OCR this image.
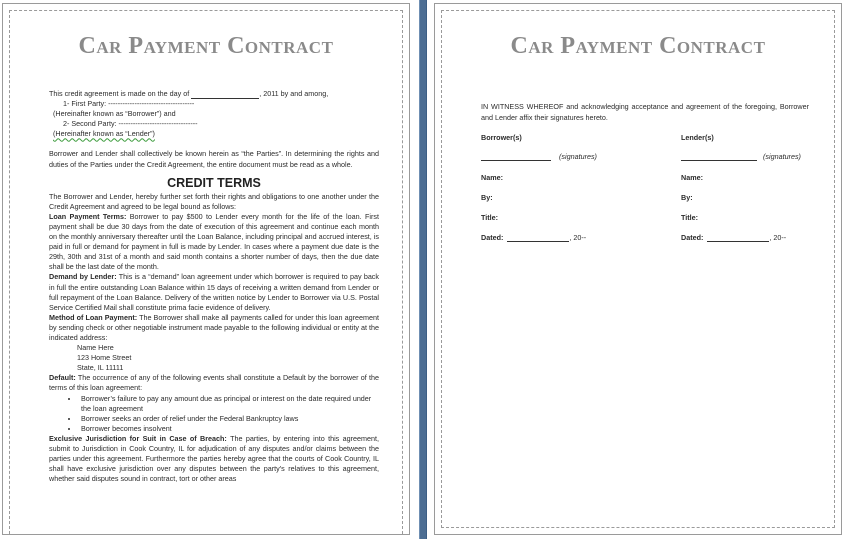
Car Payment Contract

This credit agreement is made on the day of	, 2011 by and among,

1- First Party: ------------------------------------

(Hereinafter known as “Borrower”) and

2- Second Party: ---------------------------------

(Hereinafter known as “Lender”)

Borrower and Lender shall collectively be known herein as “the Parties”. In determining the rights and duties of the Parties under the Credit Agreement, the entire document must be read as a whole.

CREDIT TERMS

The Borrower and Lender, hereby further set forth their rights and obligations to one another under the Credit Agreement and agreed to be legal bound as follows:

Loan Payment Terms: Borrower to pay $500 to Lender every month for the life of the loan. First payment shall be due 30 days from the date of execution of this agreement and continue each month on the monthly anniversary thereafter until the Loan Balance, including principal and accrued interest, is paid in full or demand for payment in full is made by Lender. In cases where a payment due date is the 29th, 30th and 31st of a month and said month contains a shorter number of days, then the due date shall be the last date of the month.

Demand by Lender: This is a “demand” loan agreement under which borrower is required to pay back in full the entire outstanding Loan Balance within 15 days of receiving a written demand from Lender or full repayment of the Loan Balance. Delivery of the written notice by Lender to Borrower via U.S. Postal Service Certified Mail shall constitute prima facie evidence of delivery.

Method of Loan Payment: The Borrower shall make all payments called for under this loan agreement by sending check or other negotiable instrument made payable to the following individual or entity at the indicated address:

Name Here

123 Home Street

State, IL 11111

Default: The occurrence of any of the following events shall constitute a Default by the borrower of the terms of this loan agreement:

• Borrower’s failure to pay any amount due as principal or interest on the date required under the loan agreement
• Borrower seeks an order of relief under the Federal Bankruptcy laws
• Borrower becomes insolvent

Exclusive Jurisdiction for Suit in Case of Breach: The parties, by entering into this agreement, submit to Jurisdiction in Cook Country, IL for adjudication of any disputes and/or claims between the parties under this agreement. Furthermore the parties hereby agree that the courts of Cook Country, IL shall have exclusive jurisdiction over any disputes between the party’s relatives to this agreement, whether said disputes sound in contract, tort or other areas

Car Payment Contract
IN WITNESS WHEREOF and acknowledging acceptance and agreement of the foregoing, Borrower and Lender affix their signatures hereto.
Borrower(s)
(signatures)
Name:
By:
Title:
Dated:	, 20--
Lender(s)
(signatures)
Name:
By:
Title:
Dated:	, 20--
